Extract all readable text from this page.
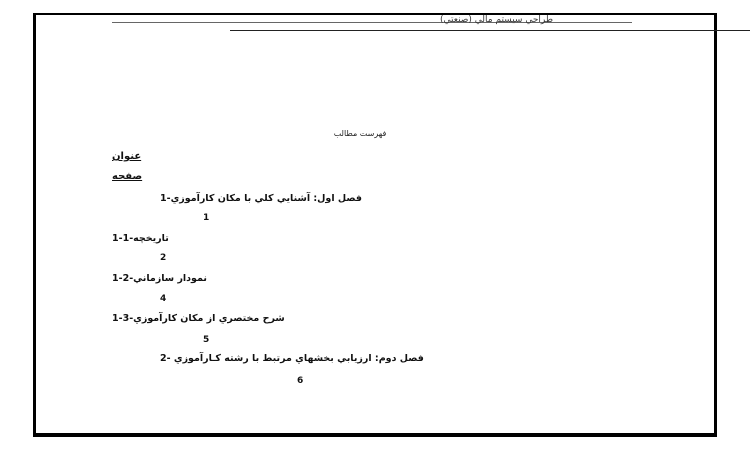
طراحي سيستم مالي (صنعتي)
فهرست مطالب
عنوان
صفحه
فصل اول: آشنايي كلي با مكان كارآموزي-1
1
تاريخچه-1-1
2
نمودار سازماني-2-1
4
شرح مختصري از مكان كارآموزي-3-1
5
فصل دوم: ارزيابي بخشهاي مرتبط با رشته كـارآموزي -2
6
